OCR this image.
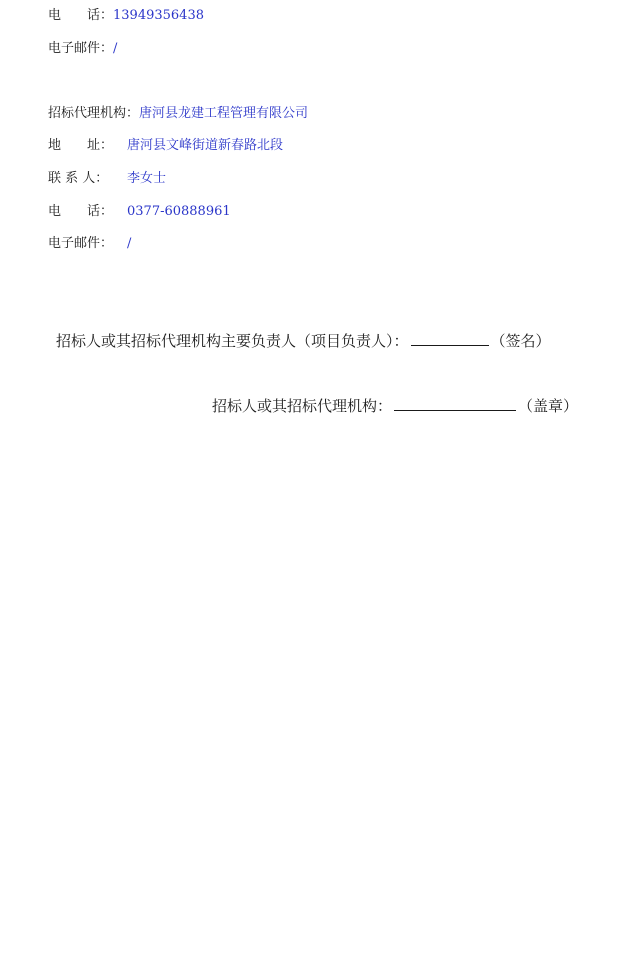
电　　话：13949356438
电子邮件：/
招标代理机构：唐河县龙建工程管理有限公司
地　　址： 唐河县文峰街道新春路北段
联 系 人： 李女士
电　　话： 0377-60888961
电子邮件： /
招标人或其招标代理机构主要负责人（项目负责人）：	（签名）
招标人或其招标代理机构：	（盖章）
